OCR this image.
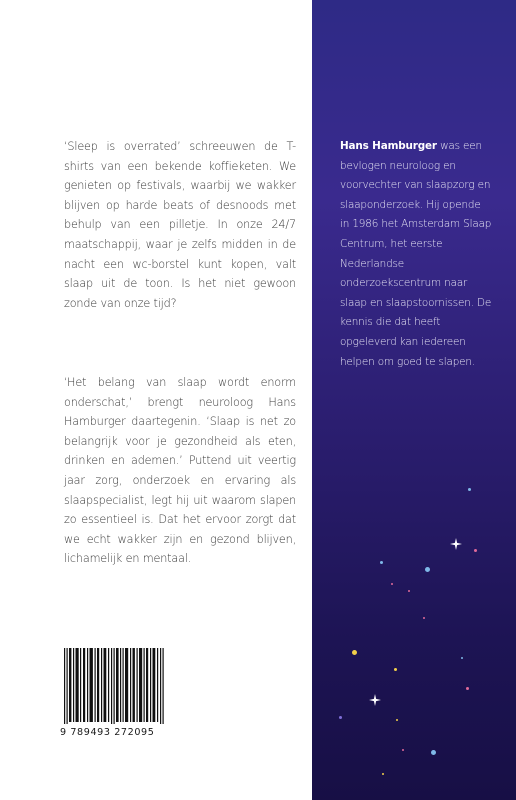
‘Sleep is overrated’ schreeuwen de T-shirts van een bekende koffieketen. We genieten op festivals, waarbij we wakker blijven op harde beats of desnoods met behulp van een pilletje. In onze 24/7 maatschappij, waar je zelfs midden in de nacht een wc-borstel kunt kopen, valt slaap uit de toon. Is het niet gewoon zonde van onze tijd?

‘Het belang van slaap wordt enorm onderschat,’ brengt neuroloog Hans Hamburger daartegenin. ‘Slaap is net zo belangrijk voor je gezondheid als eten, drinken en ademen.’ Puttend uit veertig jaar zorg, onderzoek en ervaring als slaapspecialist, legt hij uit waarom slapen zo essentieel is. Dat het ervoor zorgt dat we echt wakker zijn en gezond blijven, lichamelijk en mentaal.

9 789493 272095

Hans Hamburger was een bevlogen neuroloog en voorvechter van slaapzorg en slaaponderzoek. Hij opende in 1986 het Amsterdam Slaap Centrum, het eerste Nederlandse onderzoekscentrum naar slaap en slaapstoornissen. De kennis die dat heeft opgeleverd kan iedereen helpen om goed te slapen.
